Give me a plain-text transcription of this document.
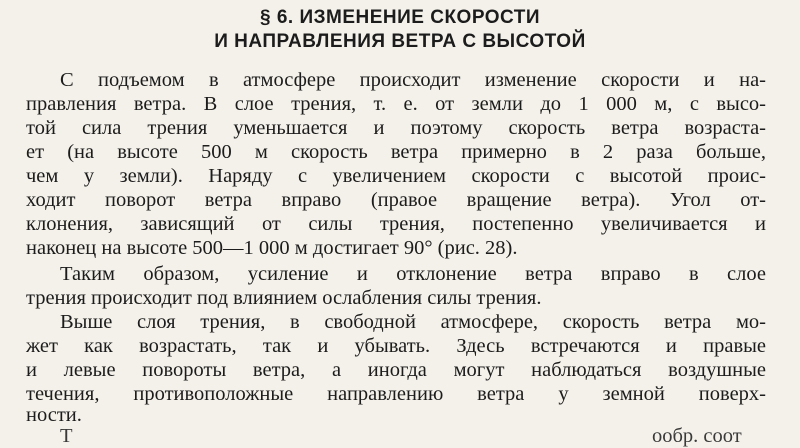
§ 6. ИЗМЕНЕНИЕ СКОРОСТИ
И НАПРАВЛЕНИЯ ВЕТРА С ВЫСОТОЙ
С подъемом в атмосфере происходит изменение скорости и на-
правления ветра. В слое трения, т. е. от земли до 1 000 м, с высо-
той сила трения уменьшается и поэтому скорость ветра возраста-
ет (на высоте 500 м скорость ветра примерно в 2 раза больше,
чем у земли). Наряду с увеличением скорости с высотой проис-
ходит поворот ветра вправо (правое вращение ветра). Угол от-
клонения, зависящий от силы трения, постепенно увеличивается и
наконец на высоте 500—1 000 м достигает 90° (рис. 28).
Таким образом, усиление и отклонение ветра вправо в слое
трения происходит под влиянием ослабления силы трения.
Выше слоя трения, в свободной атмосфере, скорость ветра мо-
жет как возрастать, так и убывать. Здесь встречаются и правые
и левые повороты ветра, а иногда могут наблюдаться воздушные
течения, противоположные направлению ветра у земной поверх-
ности.
Т	ообр. соот
